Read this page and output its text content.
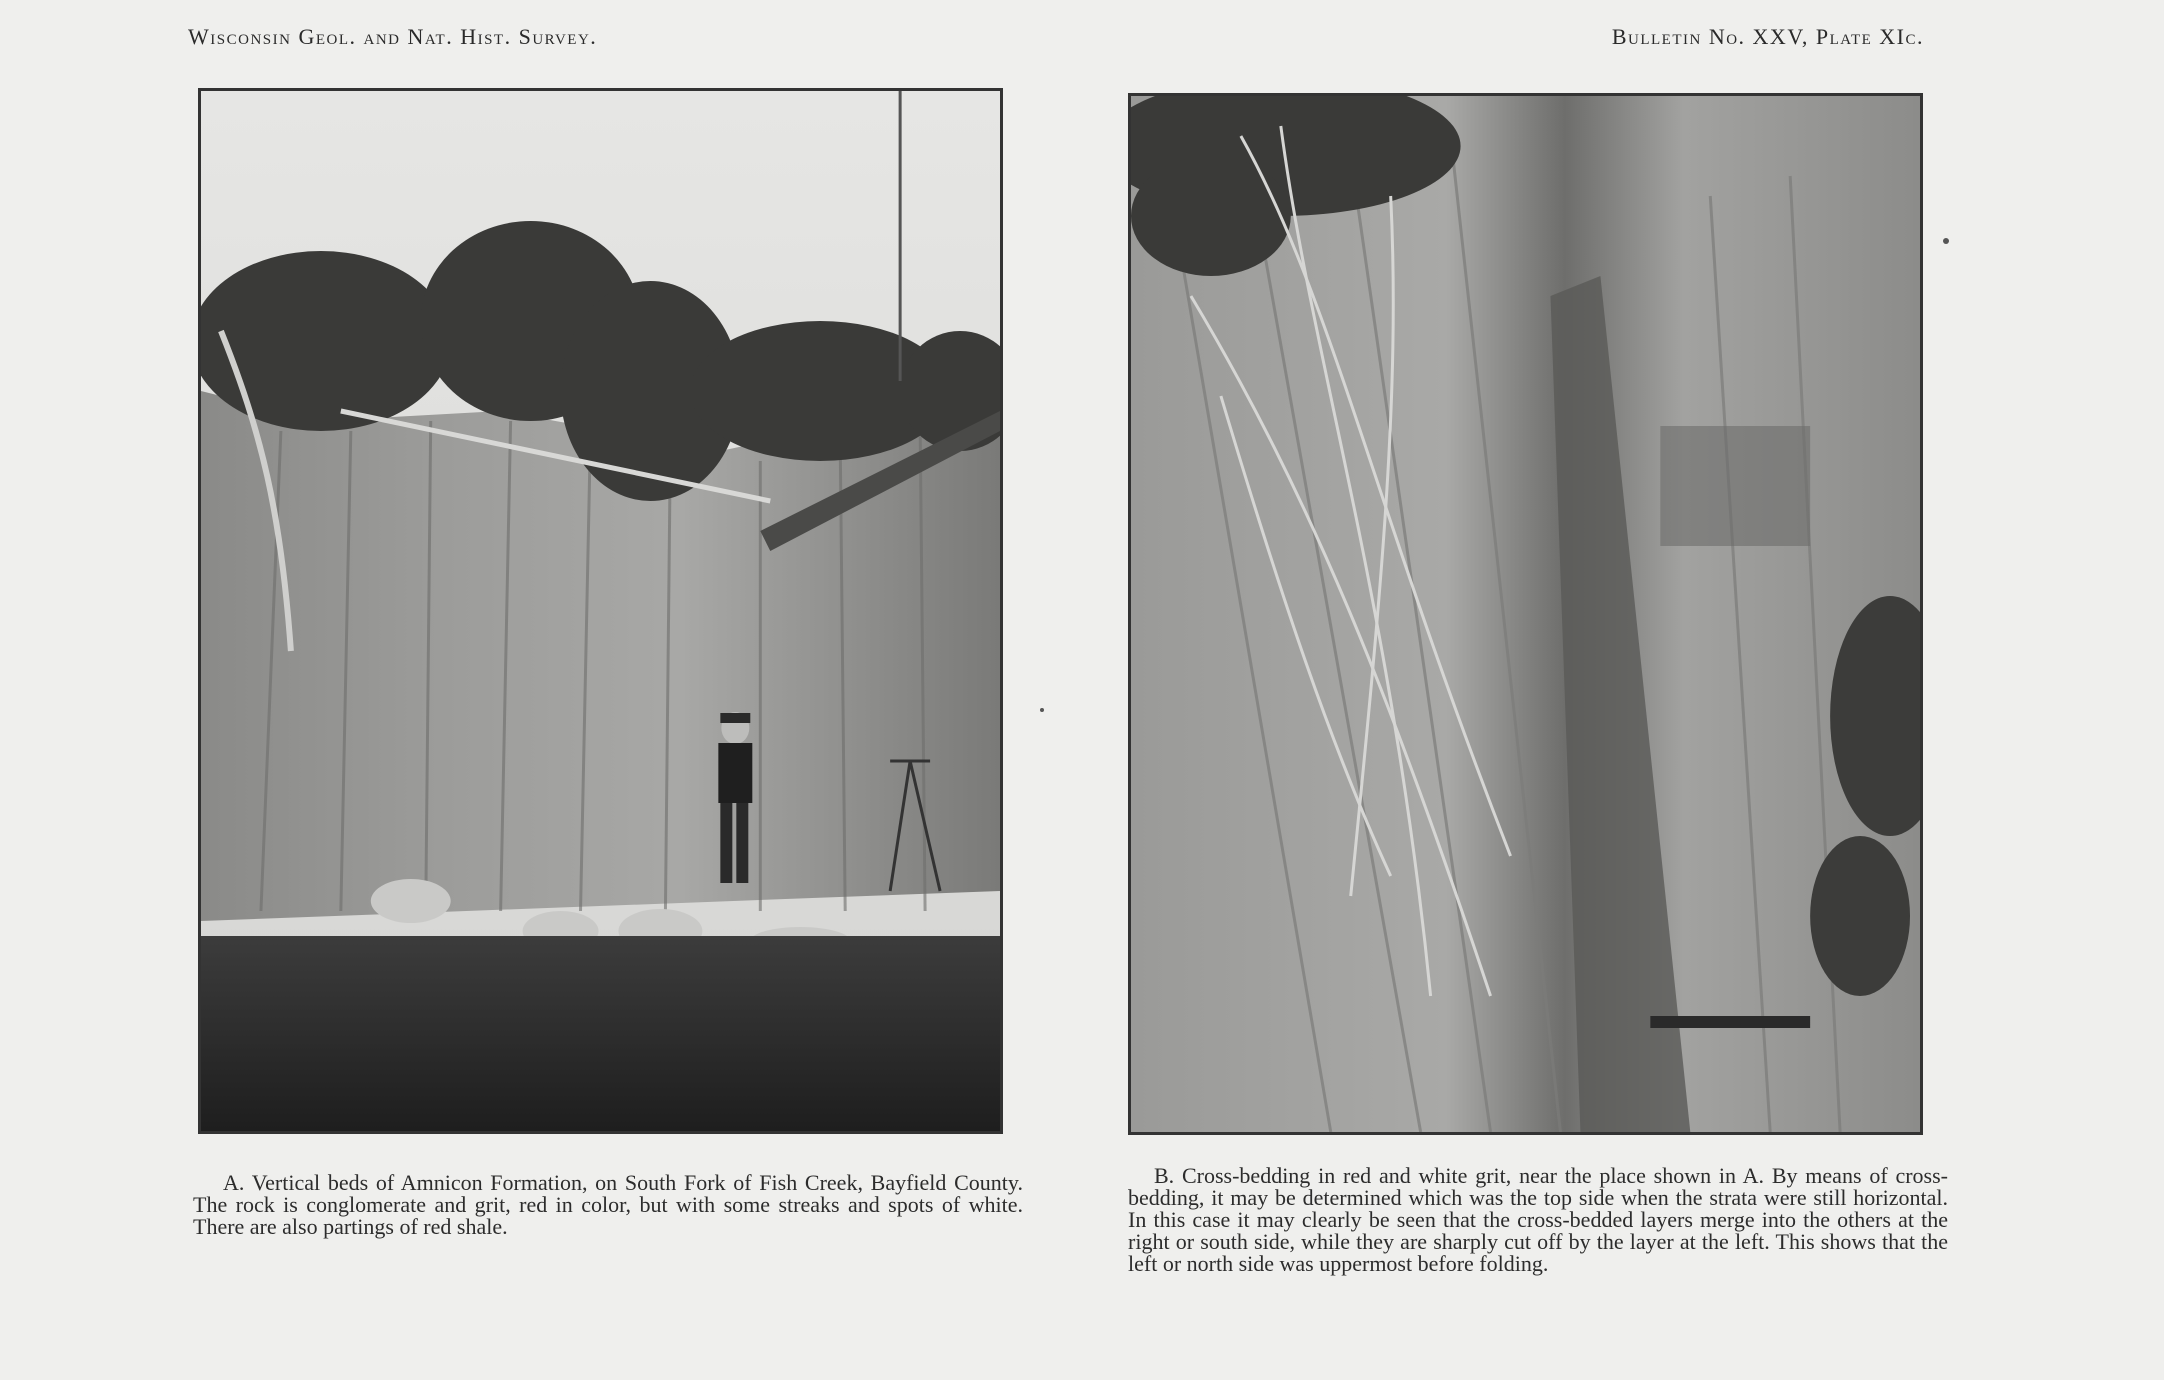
Wisconsin Geol. and Nat. Hist. Survey.	Bulletin No. XXV, Plate XIc.
A. Vertical beds of Amnicon Formation, on South Fork of Fish Creek, Bayfield County. The rock is conglomerate and grit, red in color, but with some streaks and spots of white. There are also partings of red shale.
B. Cross-bedding in red and white grit, near the place shown in A. By means of cross-bedding, it may be determined which was the top side when the strata were still horizontal. In this case it may clearly be seen that the cross-bedded layers merge into the others at the right or south side, while they are sharply cut off by the layer at the left. This shows that the left or north side was uppermost before folding.
